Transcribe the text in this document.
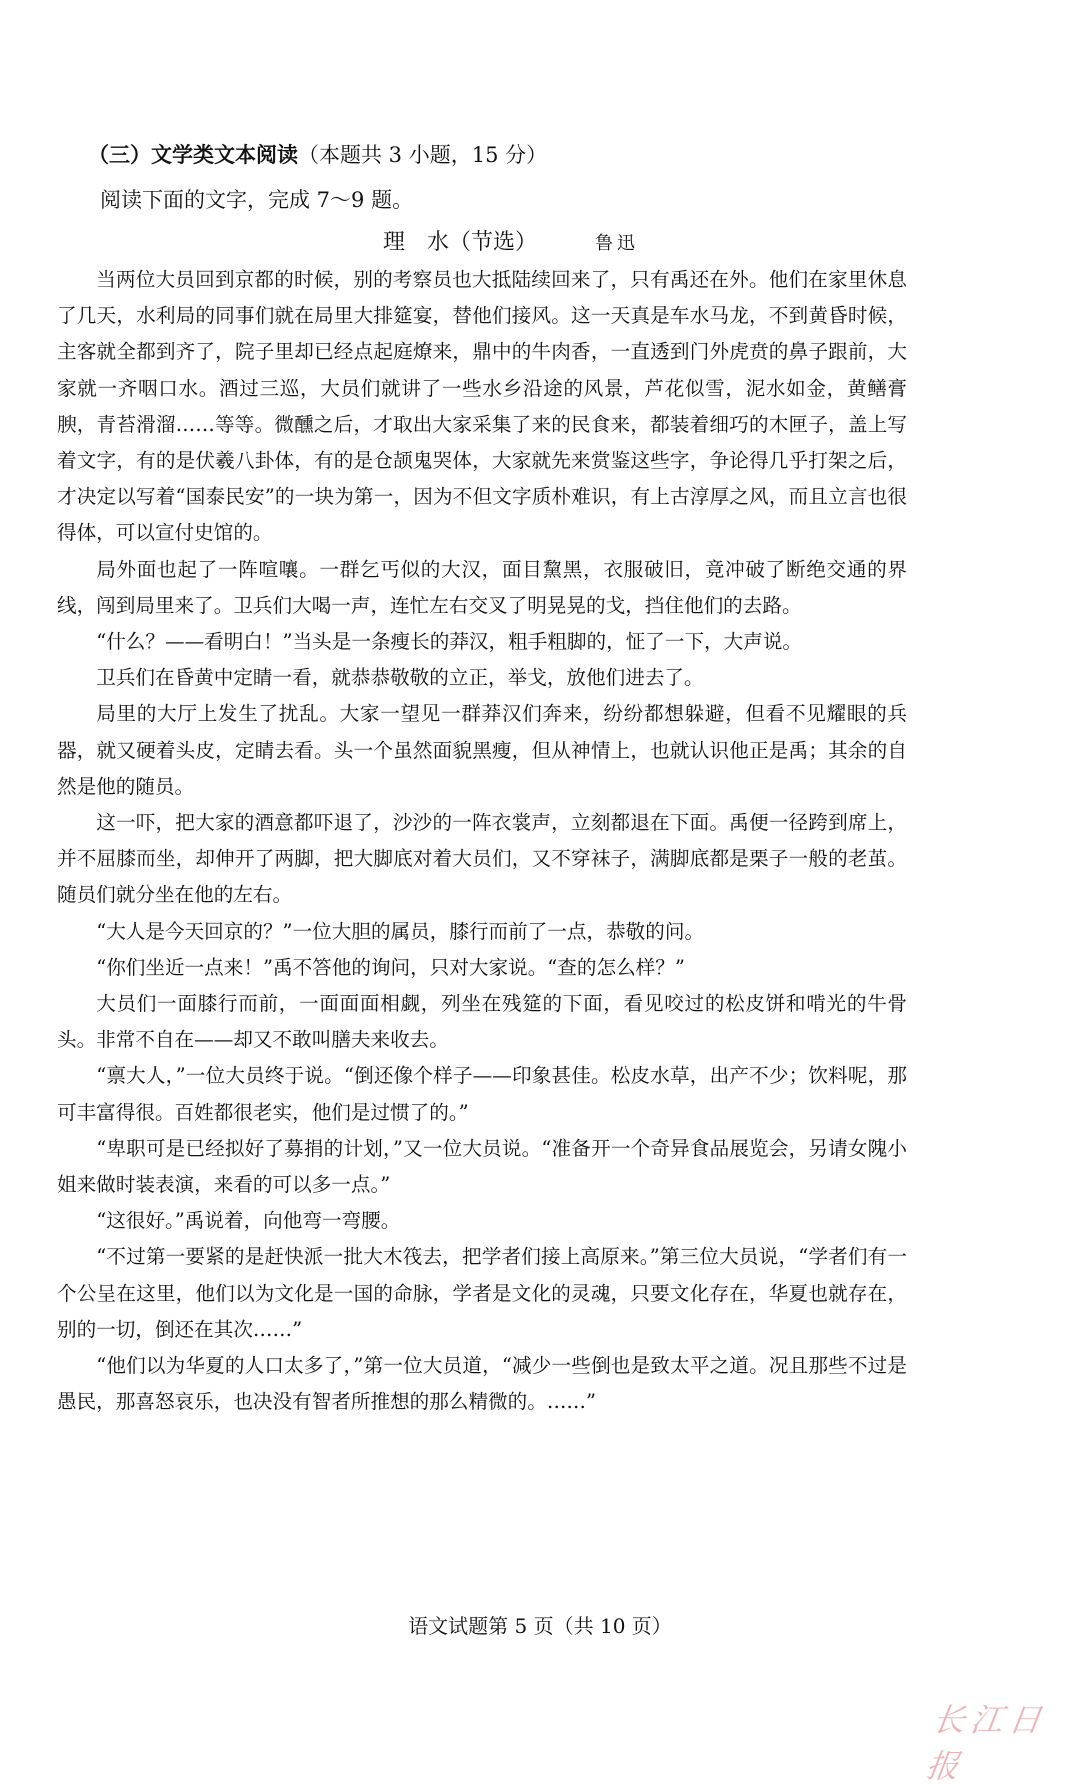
（三）文学类文本阅读（本题共 3 小题，15 分）
阅读下面的文字，完成 7～9 题。
理　水（节选）	鲁迅

当两位大员回到京都的时候，别的考察员也大抵陆续回来了，只有禹还在外。他们在家里休息了几天，水利局的同事们就在局里大排筵宴，替他们接风。这一天真是车水马龙，不到黄昏时候，主客就全都到齐了，院子里却已经点起庭燎来，鼎中的牛肉香，一直透到门外虎贲的鼻子跟前，大家就一齐咽口水。酒过三巡，大员们就讲了一些水乡沿途的风景，芦花似雪，泥水如金，黄鳝膏腴，青苔滑溜……等等。微醺之后，才取出大家采集了来的民食来，都装着细巧的木匣子，盖上写着文字，有的是伏羲八卦体，有的是仓颉鬼哭体，大家就先来赏鉴这些字，争论得几乎打架之后，才决定以写着“国泰民安”的一块为第一，因为不但文字质朴难识，有上古淳厚之风，而且立言也很得体，可以宣付史馆的。

局外面也起了一阵喧嚷。一群乞丐似的大汉，面目黧黑，衣服破旧，竟冲破了断绝交通的界线，闯到局里来了。卫兵们大喝一声，连忙左右交叉了明晃晃的戈，挡住他们的去路。

“什么？——看明白！”当头是一条瘦长的莽汉，粗手粗脚的，怔了一下，大声说。

卫兵们在昏黄中定睛一看，就恭恭敬敬的立正，举戈，放他们进去了。

局里的大厅上发生了扰乱。大家一望见一群莽汉们奔来，纷纷都想躲避，但看不见耀眼的兵器，就又硬着头皮，定睛去看。头一个虽然面貌黑瘦，但从神情上，也就认识他正是禹；其余的自然是他的随员。

这一吓，把大家的酒意都吓退了，沙沙的一阵衣裳声，立刻都退在下面。禹便一径跨到席上，并不屈膝而坐，却伸开了两脚，把大脚底对着大员们，又不穿袜子，满脚底都是栗子一般的老茧。随员们就分坐在他的左右。

“大人是今天回京的？”一位大胆的属员，膝行而前了一点，恭敬的问。

“你们坐近一点来！”禹不答他的询问，只对大家说。“查的怎么样？”

大员们一面膝行而前，一面面面相觑，列坐在残筵的下面，看见咬过的松皮饼和啃光的牛骨头。非常不自在——却又不敢叫膳夫来收去。

“禀大人，”一位大员终于说。“倒还像个样子——印象甚佳。松皮水草，出产不少；饮料呢，那可丰富得很。百姓都很老实，他们是过惯了的。”

“卑职可是已经拟好了募捐的计划，”又一位大员说。“准备开一个奇异食品展览会，另请女隗小姐来做时装表演，来看的可以多一点。”

“这很好。”禹说着，向他弯一弯腰。

“不过第一要紧的是赶快派一批大木筏去，把学者们接上高原来。”第三位大员说，“学者们有一个公呈在这里，他们以为文化是一国的命脉，学者是文化的灵魂，只要文化存在，华夏也就存在，别的一切，倒还在其次……”

“他们以为华夏的人口太多了，”第一位大员道，“减少一些倒也是致太平之道。况且那些不过是愚民，那喜怒哀乐，也决没有智者所推想的那么精微的。……”

语文试题第 5 页（共 10 页）
长江日报
